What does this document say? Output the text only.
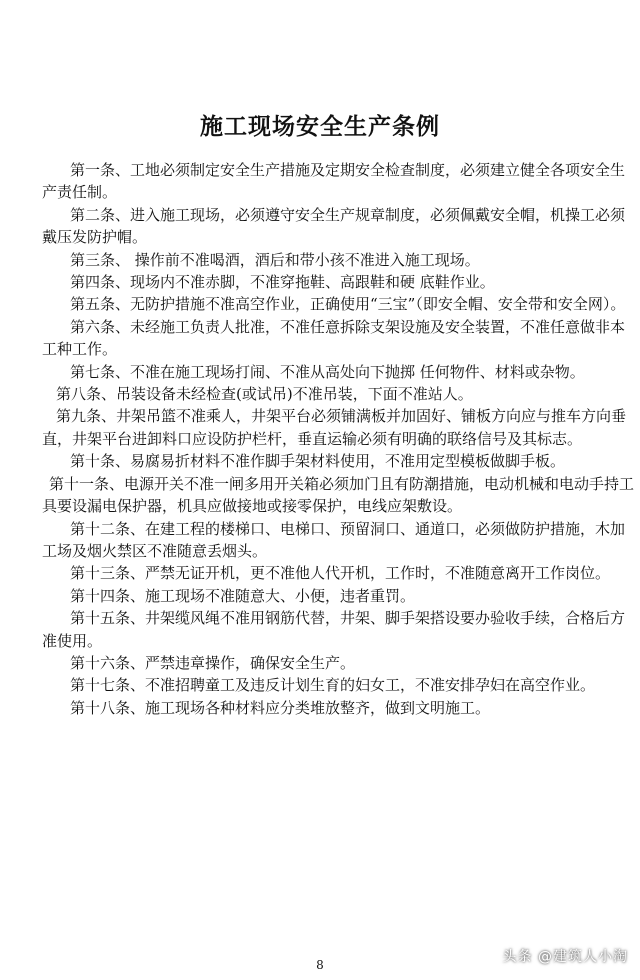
施工现场安全生产条例

第一条、工地必须制定安全生产措施及定期安全检查制度，必须建立健全各项安全生产责任制。

第二条、进入施工现场，必须遵守安全生产规章制度，必须佩戴安全帽，机操工必须戴压发防护帽。

第三条、 操作前不准喝酒，酒后和带小孩不准进入施工现场。

第四条、现场内不准赤脚，不准穿拖鞋、高跟鞋和硬 底鞋作业。

第五条、无防护措施不准高空作业，正确使用“三宝”（即安全帽、安全带和安全网）。

第六条、未经施工负责人批准，不准任意拆除支架设施及安全装置，不准任意做非本工种工作。

第七条、不准在施工现场打闹、不准从高处向下抛掷 任何物件、材料或杂物。

第八条、吊装设备未经检查(或试吊)不准吊装，下面不准站人。

第九条、井架吊篮不准乘人，井架平台必须铺满板并加固好、铺板方向应与推车方向垂直，井架平台进卸料口应设防护栏杆，垂直运输必须有明确的联络信号及其标志。

第十条、易腐易折材料不准作脚手架材料使用，不准用定型模板做脚手板。

第十一条、电源开关不准一闸多用开关箱必须加门且有防潮措施，电动机械和电动手持工具要设漏电保护器，机具应做接地或接零保护，电线应架敷设。

第十二条、在建工程的楼梯口、电梯口、预留洞口、通道口，必须做防护措施，木加工场及烟火禁区不准随意丢烟头。

第十三条、严禁无证开机，更不准他人代开机，工作时，不准随意离开工作岗位。

第十四条、施工现场不准随意大、小便，违者重罚。

第十五条、井架缆风绳不准用钢筋代替，井架、脚手架搭设要办验收手续，合格后方准使用。

第十六条、严禁违章操作，确保安全生产。

第十七条、不准招聘童工及违反计划生育的妇女工，不准安排孕妇在高空作业。

第十八条、施工现场各种材料应分类堆放整齐，做到文明施工。

8	头条 @建筑人小淘
